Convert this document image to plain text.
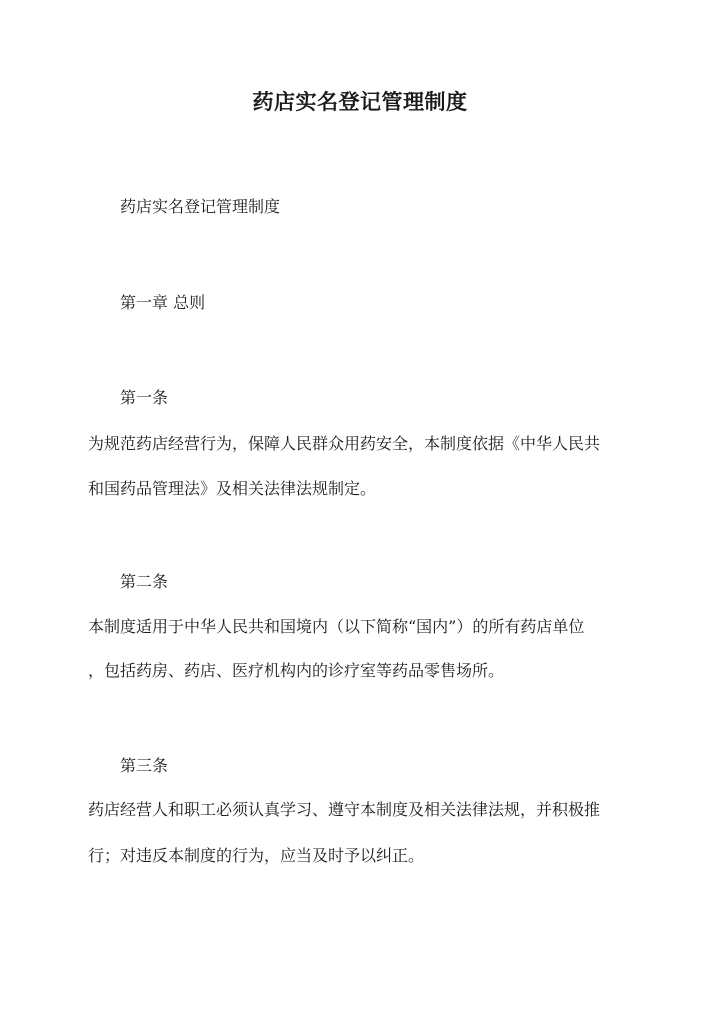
药店实名登记管理制度
药店实名登记管理制度
第一章 总则
第一条
为规范药店经营行为，保障人民群众用药安全，本制度依据《中华人民共
和国药品管理法》及相关法律法规制定。
第二条
本制度适用于中华人民共和国境内（以下简称“国内”）的所有药店单位
，包括药房、药店、医疗机构内的诊疗室等药品零售场所。
第三条
药店经营人和职工必须认真学习、遵守本制度及相关法律法规，并积极推
行；对违反本制度的行为，应当及时予以纠正。
